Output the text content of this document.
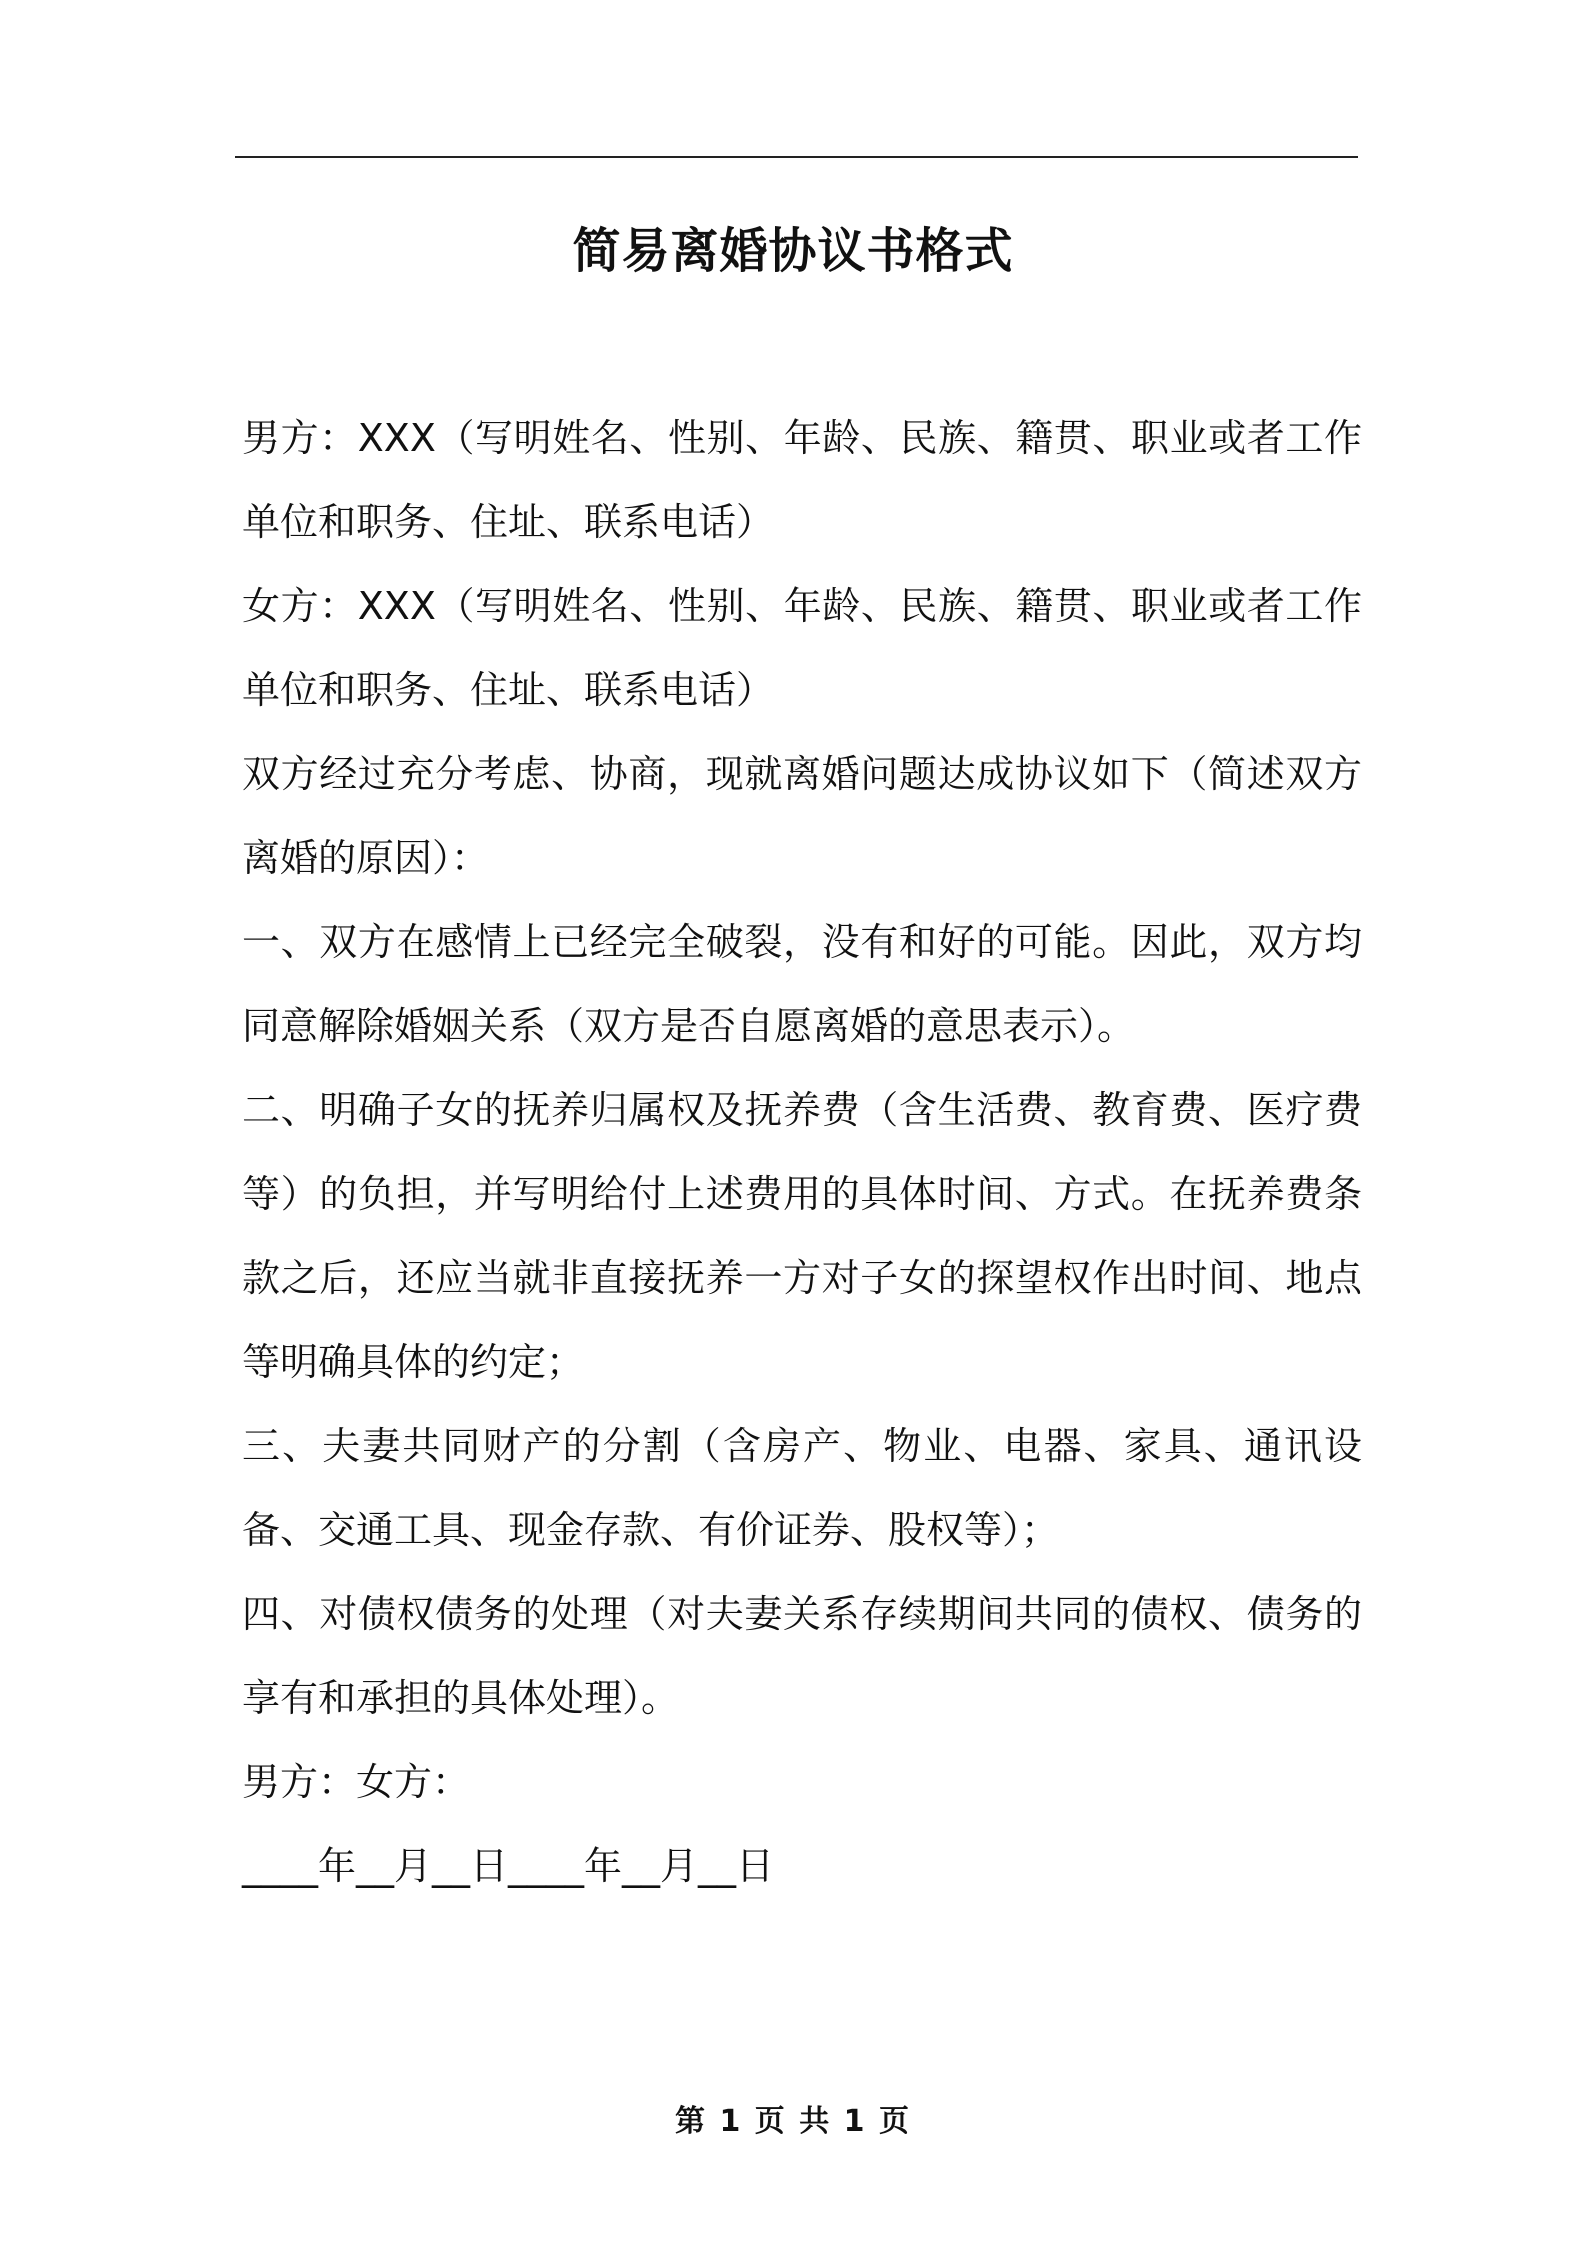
简易离婚协议书格式

男方：XXX（写明姓名、性别、年龄、民族、籍贯、职业或者工作单位和职务、住址、联系电话）

女方：XXX（写明姓名、性别、年龄、民族、籍贯、职业或者工作单位和职务、住址、联系电话）

双方经过充分考虑、协商，现就离婚问题达成协议如下（简述双方离婚的原因）：

一、双方在感情上已经完全破裂，没有和好的可能。因此，双方均同意解除婚姻关系（双方是否自愿离婚的意思表示）。

二、明确子女的抚养归属权及抚养费（含生活费、教育费、医疗费等）的负担，并写明给付上述费用的具体时间、方式。在抚养费条款之后，还应当就非直接抚养一方对子女的探望权作出时间、地点等明确具体的约定；

三、夫妻共同财产的分割（含房产、物业、电器、家具、通讯设备、交通工具、现金存款、有价证券、股权等）；

四、对债权债务的处理（对夫妻关系存续期间共同的债权、债务的享有和承担的具体处理）。

男方：女方：

____年__月__日____年__月__日

第 1 页 共 1 页
